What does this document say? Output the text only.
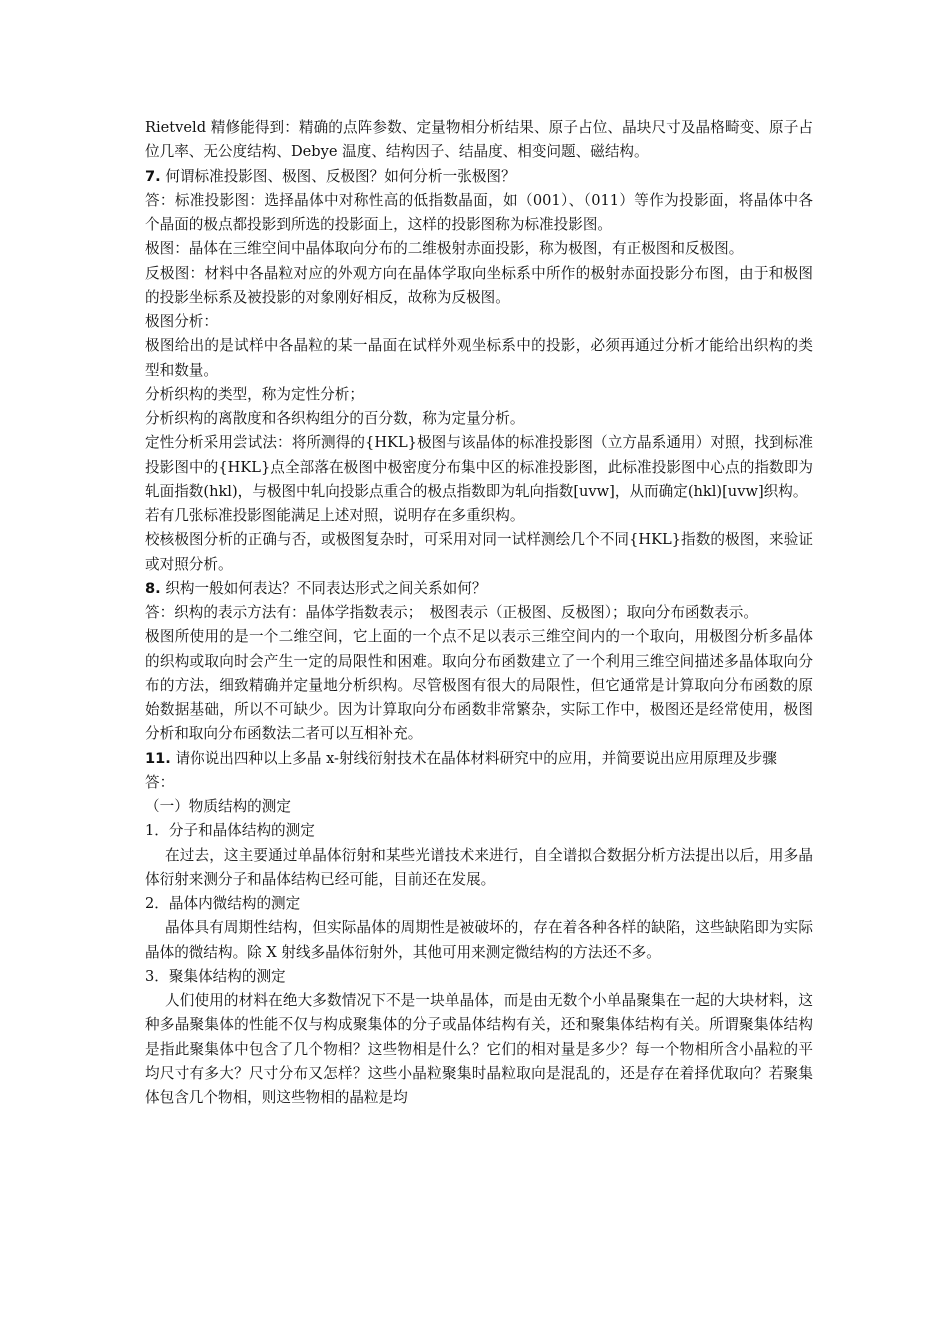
Rietveld 精修能得到：精确的点阵参数、定量物相分析结果、原子占位、晶块尺寸及晶格畸变、原子占位几率、无公度结构、Debye 温度、结构因子、结晶度、相变问题、磁结构。

7. 何谓标准投影图、极图、反极图？如何分析一张极图？

答：标准投影图：选择晶体中对称性高的低指数晶面，如（001）、（011）等作为投影面，将晶体中各个晶面的极点都投影到所选的投影面上，这样的投影图称为标准投影图。

极图：晶体在三维空间中晶体取向分布的二维极射赤面投影，称为极图，有正极图和反极图。

反极图：材料中各晶粒对应的外观方向在晶体学取向坐标系中所作的极射赤面投影分布图，由于和极图的投影坐标系及被投影的对象刚好相反，故称为反极图。

极图分析：

极图给出的是试样中各晶粒的某一晶面在试样外观坐标系中的投影，必须再通过分析才能给出织构的类型和数量。

分析织构的类型，称为定性分析；

分析织构的离散度和各织构组分的百分数，称为定量分析。

定性分析采用尝试法：将所测得的{HKL}极图与该晶体的标准投影图（立方晶系通用）对照，找到标准投影图中的{HKL}点全部落在极图中极密度分布集中区的标准投影图，此标准投影图中心点的指数即为轧面指数(hkl)，与极图中轧向投影点重合的极点指数即为轧向指数[uvw]，从而确定(hkl)[uvw]织构。

若有几张标准投影图能满足上述对照，说明存在多重织构。

校核极图分析的正确与否，或极图复杂时，可采用对同一试样测绘几个不同{HKL}指数的极图，来验证或对照分析。

8. 织构一般如何表达？不同表达形式之间关系如何？

答：织构的表示方法有：晶体学指数表示；　极图表示（正极图、反极图）；取向分布函数表示。

极图所使用的是一个二维空间，它上面的一个点不足以表示三维空间内的一个取向，用极图分析多晶体的织构或取向时会产生一定的局限性和困难。取向分布函数建立了一个利用三维空间描述多晶体取向分布的方法，细致精确并定量地分析织构。尽管极图有很大的局限性，但它通常是计算取向分布函数的原始数据基础，所以不可缺少。因为计算取向分布函数非常繁杂，实际工作中，极图还是经常使用，极图分析和取向分布函数法二者可以互相补充。

11. 请你说出四种以上多晶 x-射线衍射技术在晶体材料研究中的应用，并简要说出应用原理及步骤

答：

（一）物质结构的测定

1．分子和晶体结构的测定

在过去，这主要通过单晶体衍射和某些光谱技术来进行，自全谱拟合数据分析方法提出以后，用多晶体衍射来测分子和晶体结构已经可能，目前还在发展。

2．晶体内微结构的测定

晶体具有周期性结构，但实际晶体的周期性是被破坏的，存在着各种各样的缺陷，这些缺陷即为实际晶体的微结构。除 X 射线多晶体衍射外，其他可用来测定微结构的方法还不多。

3．聚集体结构的测定

人们使用的材料在绝大多数情况下不是一块单晶体，而是由无数个小单晶聚集在一起的大块材料，这种多晶聚集体的性能不仅与构成聚集体的分子或晶体结构有关，还和聚集体结构有关。所谓聚集体结构是指此聚集体中包含了几个物相？这些物相是什么？它们的相对量是多少？每一个物相所含小晶粒的平均尺寸有多大？尺寸分布又怎样？这些小晶粒聚集时晶粒取向是混乱的，还是存在着择优取向？若聚集体包含几个物相，则这些物相的晶粒是均
